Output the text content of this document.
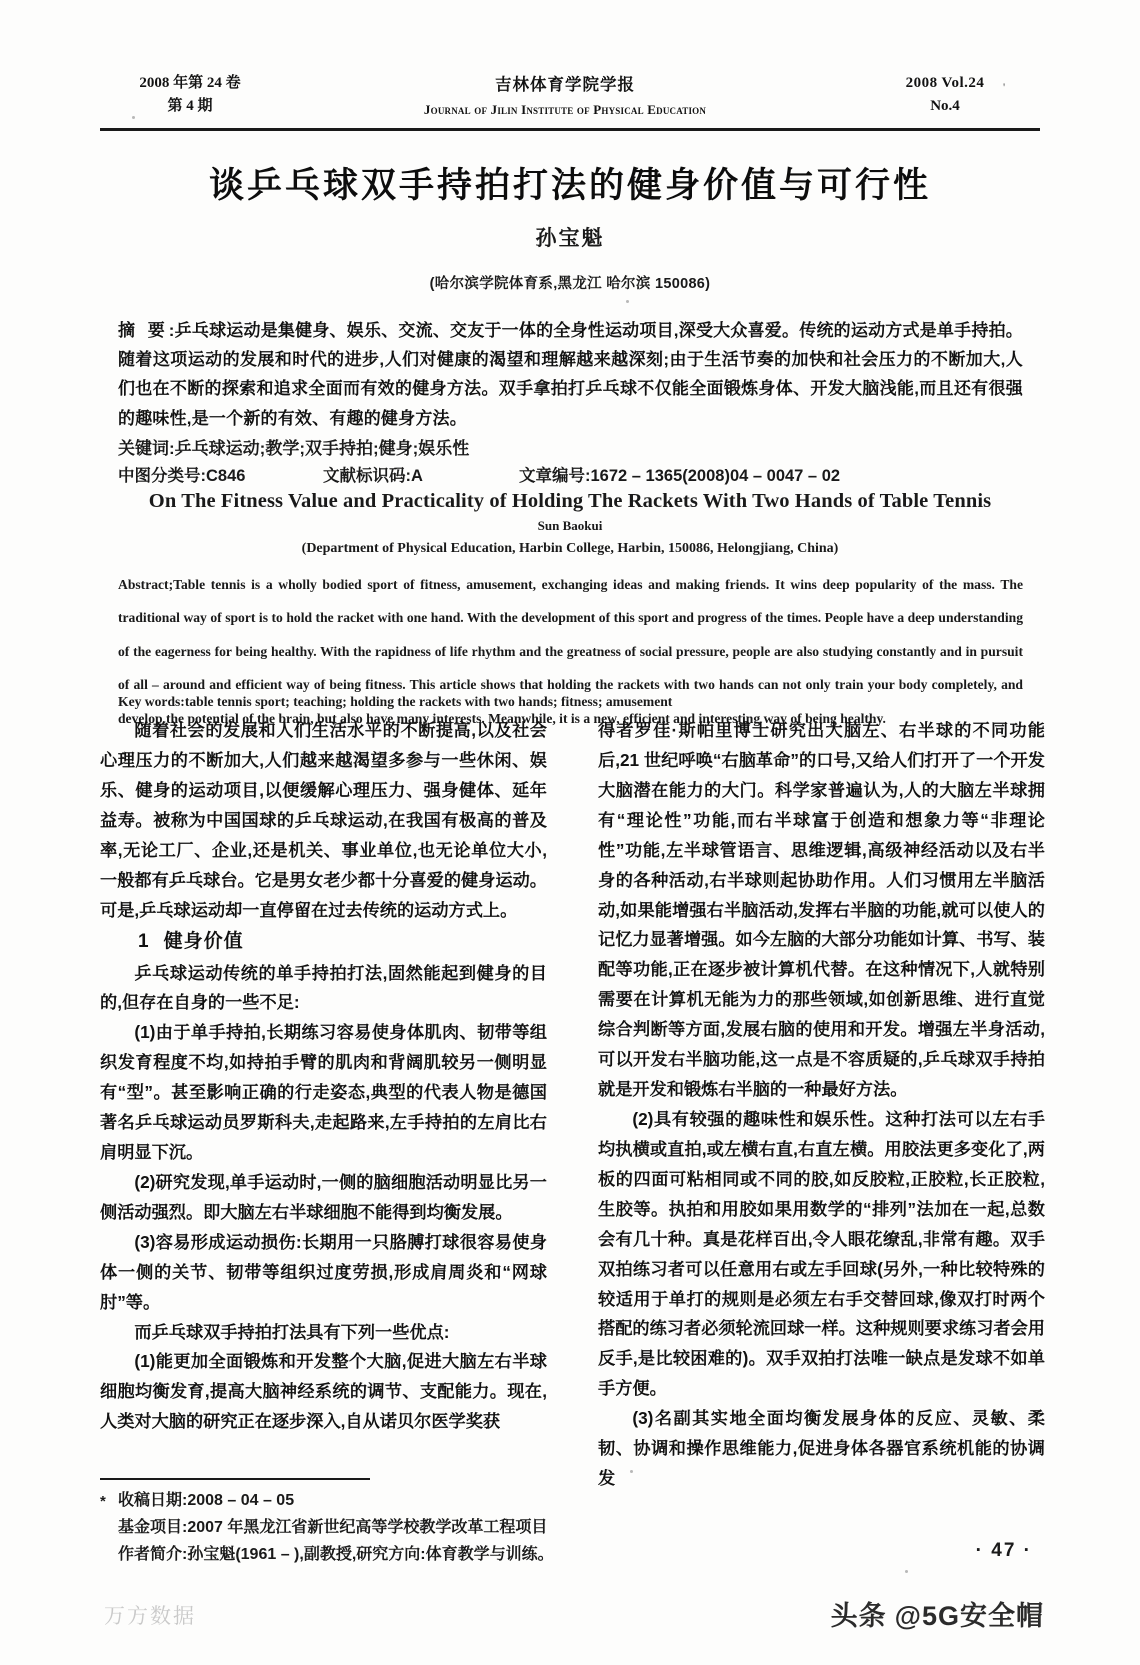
2008 年第 24 卷
第 4 期
吉林体育学院学报
Journal of Jilin Institute of Physical Education
2008 Vol.24
No.4
'
谈乒乓球双手持拍打法的健身价值与可行性
孙宝魁
(哈尔滨学院体育系,黑龙江 哈尔滨 150086)
摘 要:乒乓球运动是集健身、娱乐、交流、交友于一体的全身性运动项目,深受大众喜爱。传统的运动方式是单手持拍。随着这项运动的发展和时代的进步,人们对健康的渴望和理解越来越深刻;由于生活节奏的加快和社会压力的不断加大,人们也在不断的探索和追求全面而有效的健身方法。双手拿拍打乒乓球不仅能全面锻炼身体、开发大脑浅能,而且还有很强的趣味性,是一个新的有效、有趣的健身方法。
关键词:乒乓球运动;教学;双手持拍;健身;娱乐性
中图分类号:C846	文献标识码:A	文章编号:1672 – 1365(2008)04 – 0047 – 02
On The Fitness Value and Practicality of Holding The Rackets With Two Hands of Table Tennis
Sun Baokui
(Department of Physical Education, Harbin College, Harbin, 150086, Helongjiang, China)
Abstract;Table tennis is a wholly bodied sport of fitness, amusement, exchanging ideas and making friends. It wins deep popularity of the mass. The traditional way of sport is to hold the racket with one hand. With the development of this sport and progress of the times. People have a deep understanding of the eagerness for being healthy. With the rapidness of life rhythm and the greatness of social pressure, people are also studying constantly and in pursuit of all – around and efficient way of being fitness. This article shows that holding the rackets with two hands can not only train your body completely, and develop the potential of the brain, but also have many interests. Meanwhile, it is a new, efficient and interesting way of being healthy.
Key words:table tennis sport; teaching; holding the rackets with two hands; fitness; amusement

随着社会的发展和人们生活水平的不断提高,以及社会心理压力的不断加大,人们越来越渴望多参与一些休闲、娱乐、健身的运动项目,以便缓解心理压力、强身健体、延年益寿。被称为中国国球的乒乓球运动,在我国有极高的普及率,无论工厂、企业,还是机关、事业单位,也无论单位大小,一般都有乒乓球台。它是男女老少都十分喜爱的健身运动。可是,乒乓球运动却一直停留在过去传统的运动方式上。

1 健身价值

乒乓球运动传统的单手持拍打法,固然能起到健身的目的,但存在自身的一些不足:

(1)由于单手持拍,长期练习容易使身体肌肉、韧带等组织发育程度不均,如持拍手臂的肌肉和背阔肌较另一侧明显有“型”。甚至影响正确的行走姿态,典型的代表人物是德国著名乒乓球运动员罗斯科夫,走起路来,左手持拍的左肩比右肩明显下沉。

(2)研究发现,单手运动时,一侧的脑细胞活动明显比另一侧活动强烈。即大脑左右半球细胞不能得到均衡发展。

(3)容易形成运动损伤:长期用一只胳膊打球很容易使身体一侧的关节、韧带等组织过度劳损,形成肩周炎和“网球肘”等。

而乒乓球双手持拍打法具有下列一些优点:

(1)能更加全面锻炼和开发整个大脑,促进大脑左右半球细胞均衡发育,提高大脑神经系统的调节、支配能力。现在,人类对大脑的研究正在逐步深入,自从诺贝尔医学奖获

得者罗佳·斯帕里博士研究出大脑左、右半球的不同功能后,21 世纪呼唤“右脑革命”的口号,又给人们打开了一个开发大脑潜在能力的大门。科学家普遍认为,人的大脑左半球拥有“理论性”功能,而右半球富于创造和想象力等“非理论性”功能,左半球管语言、思维逻辑,高级神经活动以及右半身的各种活动,右半球则起协助作用。人们习惯用左半脑活动,如果能增强右半脑活动,发挥右半脑的功能,就可以使人的记忆力显著增强。如今左脑的大部分功能如计算、书写、装配等功能,正在逐步被计算机代替。在这种情况下,人就特别需要在计算机无能为力的那些领域,如创新思维、进行直觉综合判断等方面,发展右脑的使用和开发。增强左半身活动,可以开发右半脑功能,这一点是不容质疑的,乒乓球双手持拍就是开发和锻炼右半脑的一种最好方法。

(2)具有较强的趣味性和娱乐性。这种打法可以左右手均执横或直拍,或左横右直,右直左横。用胶法更多变化了,两板的四面可粘相同或不同的胶,如反胶粒,正胶粒,长正胶粒,生胶等。执拍和用胶如果用数学的“排列”法加在一起,总数会有几十种。真是花样百出,令人眼花缭乱,非常有趣。双手双拍练习者可以任意用右或左手回球(另外,一种比较特殊的较适用于单打的规则是必须左右手交替回球,像双打时两个搭配的练习者必须轮流回球一样。这种规则要求练习者会用反手,是比较困难的)。双手双拍打法唯一缺点是发球不如单手方便。

(3)名副其实地全面均衡发展身体的反应、灵敏、柔韧、协调和操作思维能力,促进身体各器官系统机能的协调发

* 收稿日期:2008 – 04 – 05
基金项目:2007 年黑龙江省新世纪高等学校教学改革工程项目
作者简介:孙宝魁(1961 – ),副教授,研究方向:体育教学与训练。	· 47 ·
万方数据	头条 @5G安全帽
